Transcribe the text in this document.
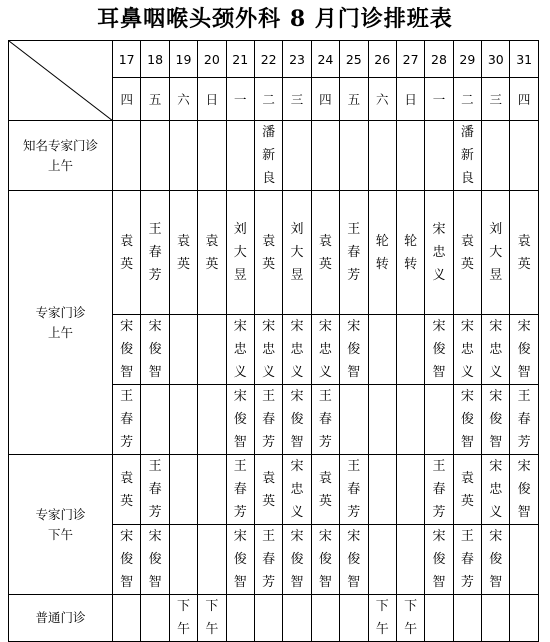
耳鼻咽喉头颈外科 8 月门诊排班表
	17	18	19	20	21	22	23	24	25	26	27	28	29	30	31
	四	五	六	日	一	二	三	四	五	六	日	一	二	三	四

知名专家门诊
上午						潘新良							潘新良		

专家门诊
上午	袁英	王春芳	袁英	袁英	刘大昱	袁英	刘大昱	袁英	王春芳	轮转	轮转	宋忠义	袁英	刘大昱	袁英
	宋俊智	宋俊智			宋忠义	宋忠义	宋忠义	宋忠义	宋俊智			宋俊智	宋忠义	宋忠义	宋俊智
	王春芳				宋俊智	王春芳	宋俊智	王春芳					宋俊智	宋俊智	王春芳

专家门诊
下午	袁英	王春芳			王春芳	袁英	宋忠义	袁英	王春芳			王春芳	袁英	宋忠义	宋俊智
	宋俊智	宋俊智			宋俊智	王春芳	宋俊智	宋俊智	宋俊智			宋俊智	王春芳	宋俊智	

普通门诊			下午	下午						下午	下午				
